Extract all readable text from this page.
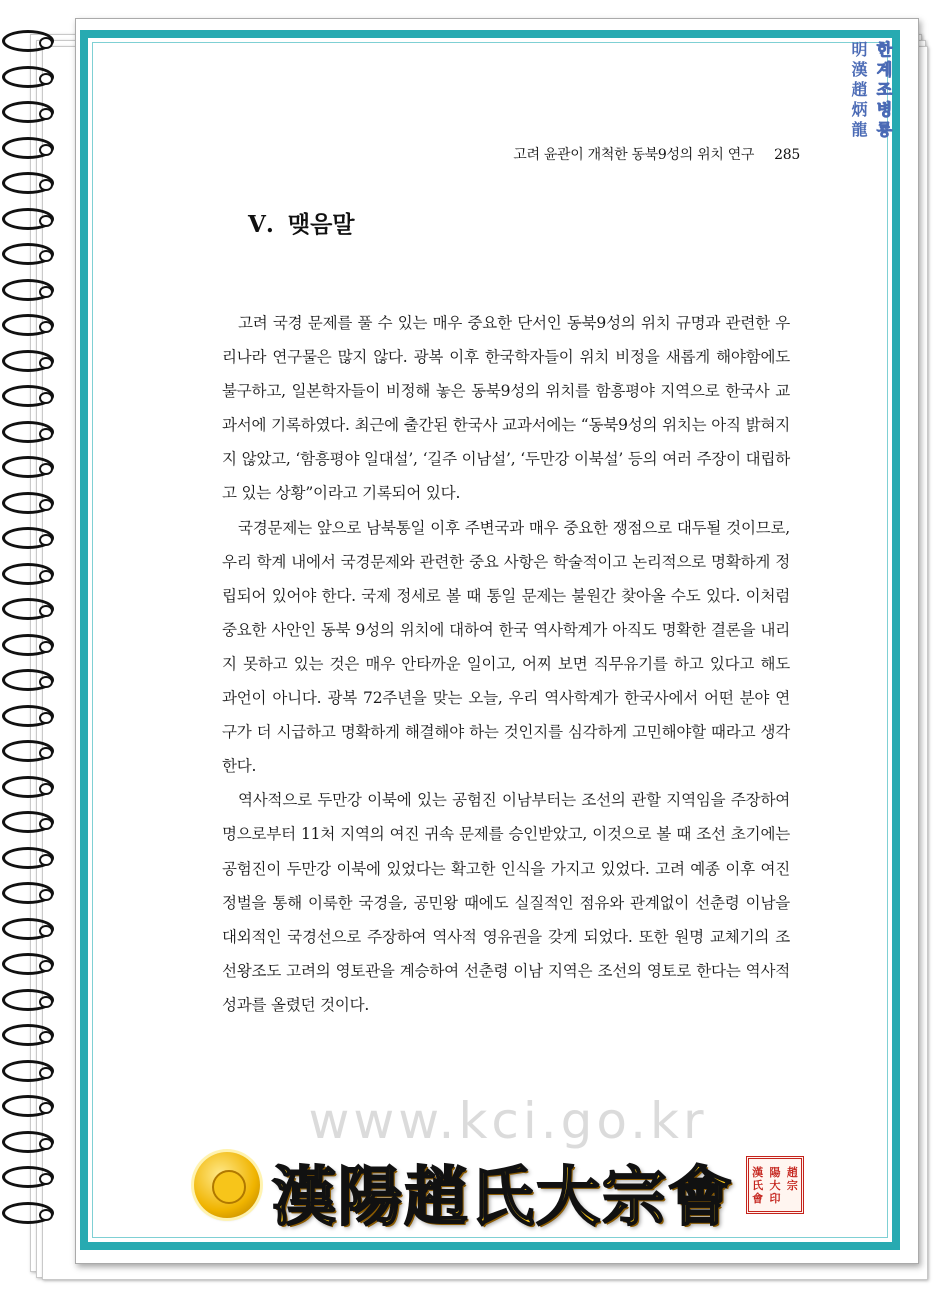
明
漢
趙
炳
龍
한
계
조
병
룡
고려 윤관이 개척한 동북9성의 위치 연구 285
Ⅴ. 맺음말

고려 국경 문제를 풀 수 있는 매우 중요한 단서인 동북9성의 위치 규명과 관련한 우리나라 연구물은 많지 않다. 광복 이후 한국학자들이 위치 비정을 새롭게 해야함에도 불구하고, 일본학자들이 비정해 놓은 동북9성의 위치를 함흥평야 지역으로 한국사 교과서에 기록하였다. 최근에 출간된 한국사 교과서에는 “동북9성의 위치는 아직 밝혀지지 않았고, ‘함흥평야 일대설’, ‘길주 이남설’, ‘두만강 이북설’ 등의 여러 주장이 대립하고 있는 상황”이라고 기록되어 있다.

국경문제는 앞으로 남북통일 이후 주변국과 매우 중요한 쟁점으로 대두될 것이므로, 우리 학계 내에서 국경문제와 관련한 중요 사항은 학술적이고 논리적으로 명확하게 정립되어 있어야 한다. 국제 정세로 볼 때 통일 문제는 불원간 찾아올 수도 있다. 이처럼 중요한 사안인 동북 9성의 위치에 대하여 한국 역사학계가 아직도 명확한 결론을 내리지 못하고 있는 것은 매우 안타까운 일이고, 어찌 보면 직무유기를 하고 있다고 해도 과언이 아니다. 광복 72주년을 맞는 오늘, 우리 역사학계가 한국사에서 어떤 분야 연구가 더 시급하고 명확하게 해결해야 하는 것인지를 심각하게 고민해야할 때라고 생각한다.

역사적으로 두만강 이북에 있는 공험진 이남부터는 조선의 관할 지역임을 주장하여 명으로부터 11처 지역의 여진 귀속 문제를 승인받았고, 이것으로 볼 때 조선 초기에는 공험진이 두만강 이북에 있었다는 확고한 인식을 가지고 있었다. 고려 예종 이후 여진정벌을 통해 이룩한 국경을, 공민왕 때에도 실질적인 점유와 관계없이 선춘령 이남을 대외적인 국경선으로 주장하여 역사적 영유권을 갖게 되었다. 또한 원명 교체기의 조선왕조도 고려의 영토관을 계승하여 선춘령 이남 지역은 조선의 영토로 한다는 역사적 성과를 올렸던 것이다.

www.kci.go.kr
漢陽趙氏大宗會	漢 陽 趙
氏 大 宗
會 印
